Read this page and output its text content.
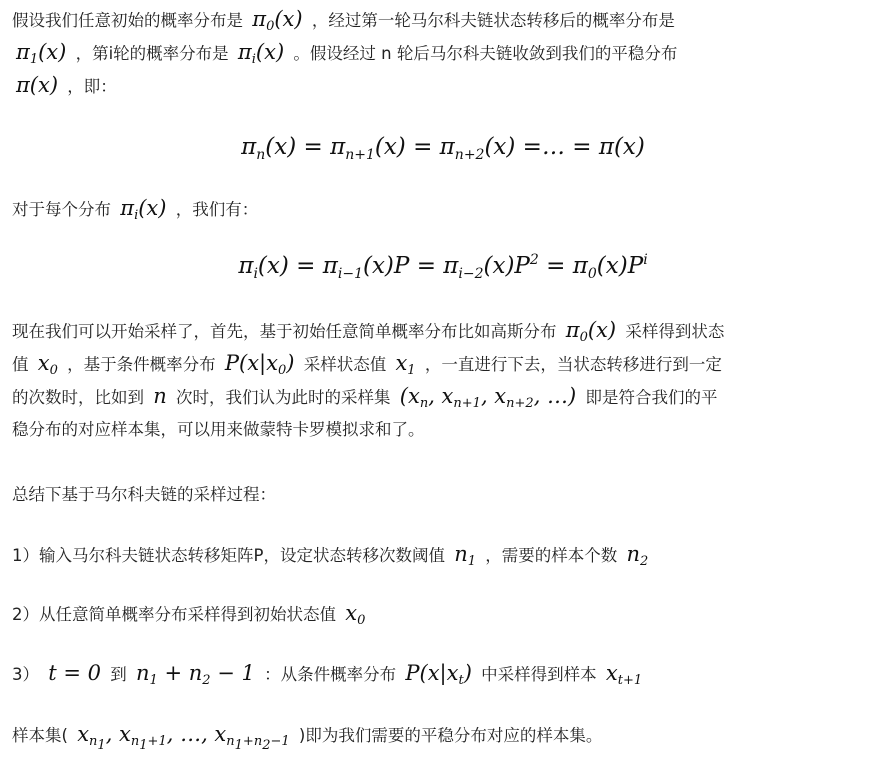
假设我们任意初始的概率分布是 $\pi_0(x)$ ，经过第一轮马尔科夫链状态转移后的概率分布是
$\pi_1(x)$ ，第i轮的概率分布是 $\pi_i(x)$ 。假设经过 n 轮后马尔科夫链收敛到我们的平稳分布
π(x) ，即：
$\pi_n(x) = \pi_{n+1}(x) = \pi_{n+2}(x)$ =… = π(x)
对于每个分布 $\pi_i(x)$ ，我们有：
$\pi_i(x) = \pi_{i-1}(x)P = \pi_{i-2}(x)P^2 = \pi_0(x)P^i$
现在我们可以开始采样了，首先，基于初始任意简单概率分布比如高斯分布 $\pi_0(x)$ 采样得到状态
值 $x_0$ ，基于条件概率分布 $P(x|x_0)$ 采样状态值 $x_1$ ，一直进行下去，当状态转移进行到一定
的次数时，比如到 n 次时，我们认为此时的采样集 ($x_n$, $x_{n+1}$, $x_{n+2}$, …) 即是符合我们的平
稳分布的对应样本集，可以用来做蒙特卡罗模拟求和了。
总结下基于马尔科夫链的采样过程：
1）输入马尔科夫链状态转移矩阵P，设定状态转移次数阈值 $n_1$ ，需要的样本个数 $n_2$
2）从任意简单概率分布采样得到初始状态值 $x_0$
3） t = 0 到 $n_1 + n_2 - 1$ ：从条件概率分布 $P(x|x_t)$ 中采样得到样本 $x_{t+1}$
样本集( $x_{n_1}$, $x_{n_1+1}$, …, $x_{n_1+n_2-1}$ )即为我们需要的平稳分布对应的样本集。
